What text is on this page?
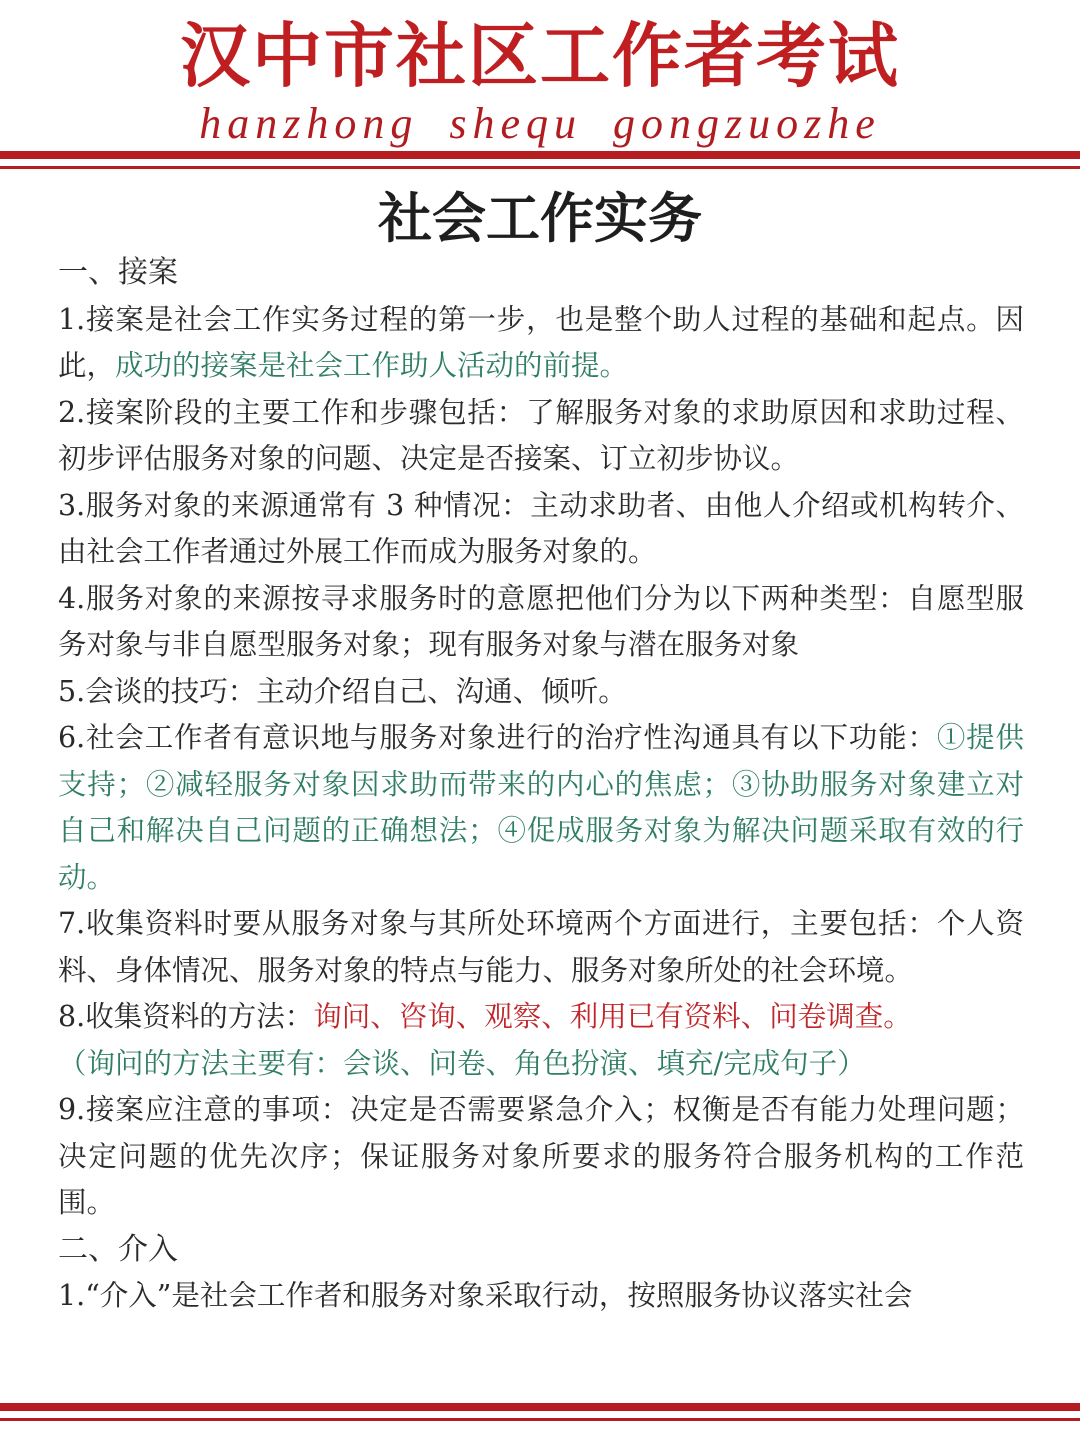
汉中市社区工作者考试
hanzhong shequ gongzuozhe
社会工作实务

一、接案

1.接案是社会工作实务过程的第一步，也是整个助人过程的基础和起点。因此，成功的接案是社会工作助人活动的前提。

2.接案阶段的主要工作和步骤包括：了解服务对象的求助原因和求助过程、初步评估服务对象的问题、决定是否接案、订立初步协议。

3.服务对象的来源通常有 3 种情况：主动求助者、由他人介绍或机构转介、由社会工作者通过外展工作而成为服务对象的。

4.服务对象的来源按寻求服务时的意愿把他们分为以下两种类型：自愿型服务对象与非自愿型服务对象；现有服务对象与潜在服务对象

5.会谈的技巧：主动介绍自己、沟通、倾听。

6.社会工作者有意识地与服务对象进行的治疗性沟通具有以下功能：①提供支持；②减轻服务对象因求助而带来的内心的焦虑；③协助服务对象建立对自己和解决自己问题的正确想法；④促成服务对象为解决问题采取有效的行动。

7.收集资料时要从服务对象与其所处环境两个方面进行，主要包括：个人资料、身体情况、服务对象的特点与能力、服务对象所处的社会环境。

8.收集资料的方法：询问、咨询、观察、利用已有资料、问卷调查。
（询问的方法主要有：会谈、问卷、角色扮演、填充/完成句子）

9.接案应注意的事项：决定是否需要紧急介入；权衡是否有能力处理问题；决定问题的优先次序；保证服务对象所要求的服务符合服务机构的工作范围。

二、介入

1.“介入”是社会工作者和服务对象采取行动，按照服务协议落实社会
